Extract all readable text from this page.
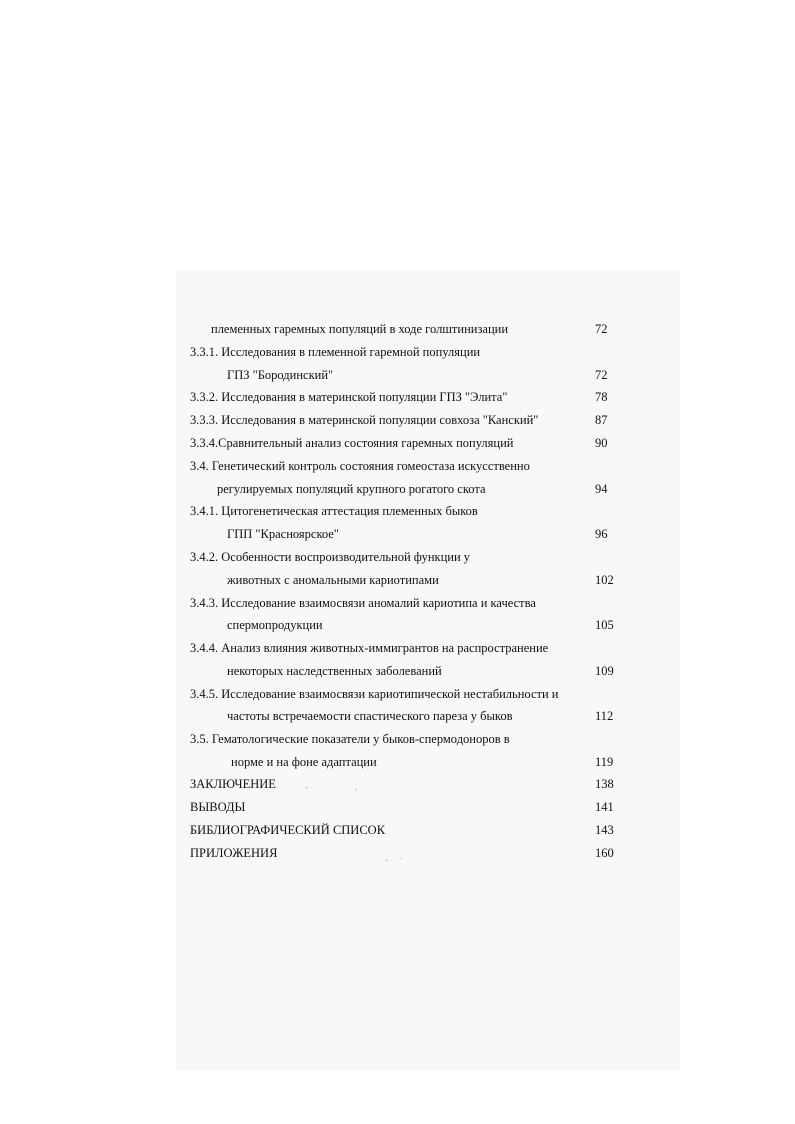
племенных гаремных популяций в ходе голштинизации	72
3.3.1. Исследования в племенной гаремной популяции
ГПЗ "Бородинский"	72
3.3.2. Исследования в материнской популяции ГПЗ "Элита"	78
3.3.3. Исследования в материнской популяции совхоза "Канский"	87
3.3.4.Сравнительный анализ состояния гаремных популяций	90
3.4. Генетический контроль состояния гомеостаза искусственно
регулируемых популяций крупного рогатого скота	94
3.4.1. Цитогенетическая аттестация племенных быков
ГПП "Красноярское"	96
3.4.2. Особенности воспроизводительной функции у
животных с аномальными кариотипами	102
3.4.3. Исследование взаимосвязи аномалий кариотипа и качества
спермопродукции	105
3.4.4. Анализ влияния животных-иммигрантов на распространение
некоторых наследственных заболеваний	109
3.4.5. Исследование взаимосвязи кариотипической нестабильности и
частоты встречаемости спастического пареза у быков	112
3.5. Гематологические показатели у быков-спермодоноров в
норме и на фоне адаптации	119
ЗАКЛЮЧЕНИЕ	138
ВЫВОДЫ	141
БИБЛИОГРАФИЧЕСКИЙ СПИСОК	143
ПРИЛОЖЕНИЯ	160
